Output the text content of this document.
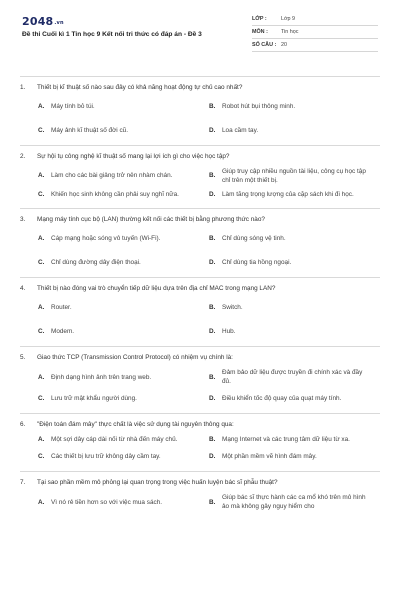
2048.vn
Đề thi Cuối kì 1 Tin học 9 Kết nối tri thức có đáp án - Đề 3
LỚP :	Lớp 9
MÔN :	Tin học
SỐ CÂU : 20
1.	Thiết bị kĩ thuật số nào sau đây có khả năng hoạt động tự chủ cao nhất?
A.	Máy tính bỏ túi.	B.	Robot hút bụi thông minh.
C.	Máy ảnh kĩ thuật số đời cũ.	D.	Loa cầm tay.
2.	Sự hội tụ công nghệ kĩ thuật số mang lại lợi ích gì cho việc học tập?
A.	Làm cho các bài giảng trở nên nhàm chán.	B.
Giúp truy cập nhiều nguồn tài liệu, công cụ học tập chỉ trên một thiết bị.
C.	Khiến học sinh không cần phải suy nghĩ nữa.	D.	Làm tăng trọng lượng của cặp sách khi đi học.
3.	Mạng máy tính cục bộ (LAN) thường kết nối các thiết bị bằng phương thức nào?
A.	Cáp mạng hoặc sóng vô tuyến (Wi-Fi).	B.	Chỉ dùng sóng vệ tinh.
C.	Chỉ dùng đường dây điện thoại.	D.	Chỉ dùng tia hồng ngoại.
4.	Thiết bị nào đóng vai trò chuyển tiếp dữ liệu dựa trên địa chỉ MAC trong mạng LAN?
A.	Router.	B.	Switch.
C.	Modem.	D.	Hub.
5.	Giao thức TCP (Transmission Control Protocol) có nhiệm vụ chính là:
A.	Định dạng hình ảnh trên trang web.	B.
Đảm bảo dữ liệu được truyền đi chính xác và đầy đủ.
C.	Lưu trữ mật khẩu người dùng.	D.	Điều khiển tốc độ quay của quạt máy tính.
6.	"Điện toán đám mây" thực chất là việc sử dụng tài nguyên thông qua:
A.	Một sợi dây cáp dài nối từ nhà đến máy chủ.	B.	Mạng Internet và các trung tâm dữ liệu từ xa.
C.	Các thiết bị lưu trữ không dây cầm tay.	D.	Một phần mềm vẽ hình đám mây.
7.	Tại sao phần mềm mô phỏng lại quan trọng trong việc huấn luyện bác sĩ phẫu thuật?
A.	Vì nó rẻ tiền hơn so với việc mua sách.	B.
Giúp bác sĩ thực hành các ca mổ khó trên mô hình ảo mà không gây nguy hiểm cho
